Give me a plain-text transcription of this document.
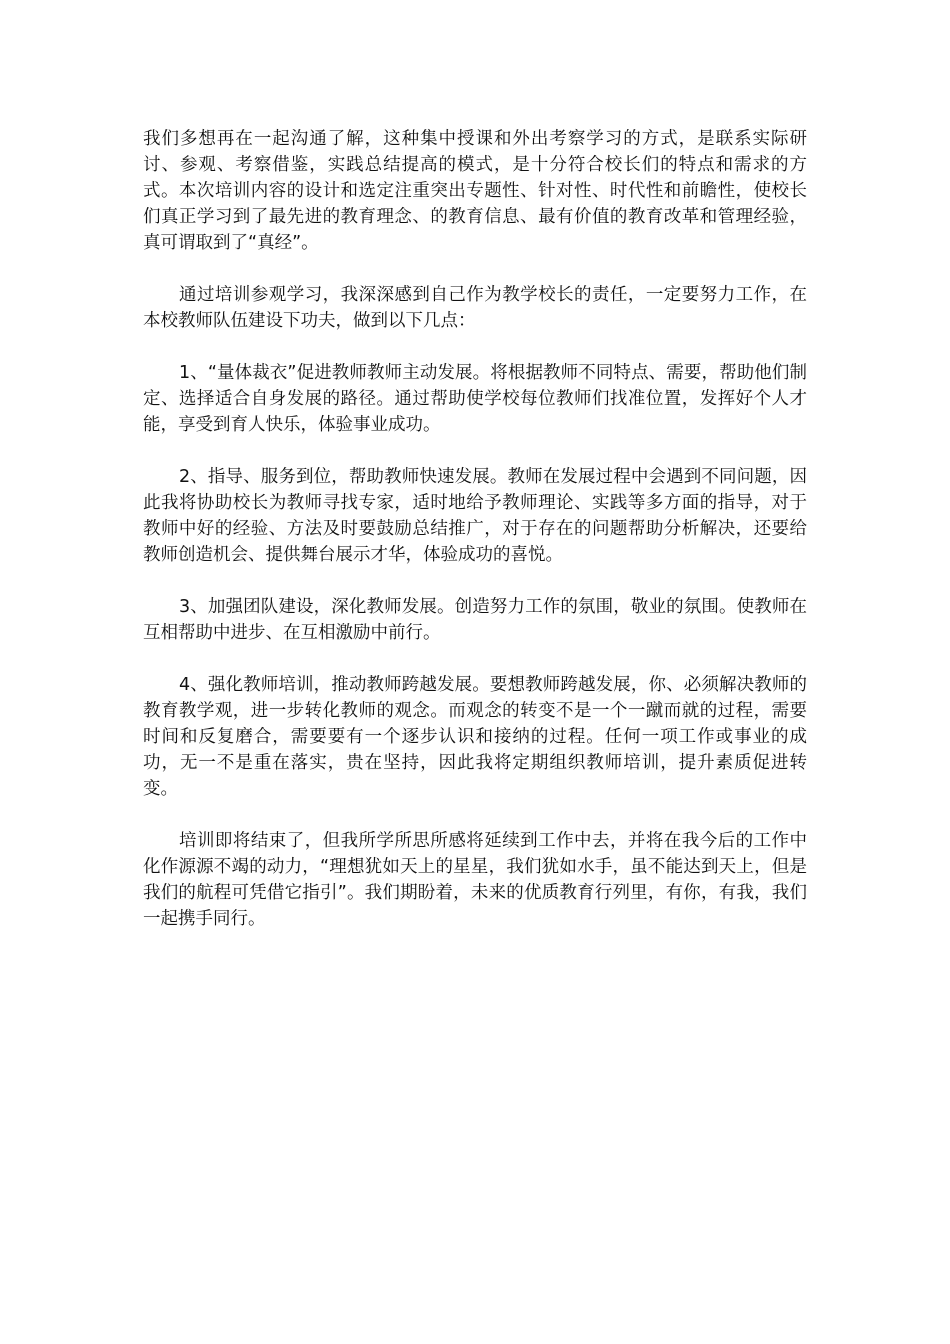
我们多想再在一起沟通了解，这种集中授课和外出考察学习的方式，是联系实际研讨、参观、考察借鉴，实践总结提高的模式，是十分符合校长们的特点和需求的方式。本次培训内容的设计和选定注重突出专题性、针对性、时代性和前瞻性，使校长们真正学习到了最先进的教育理念、的教育信息、最有价值的教育改革和管理经验，真可谓取到了“真经”。

通过培训参观学习，我深深感到自己作为教学校长的责任，一定要努力工作，在本校教师队伍建设下功夫，做到以下几点：

1、“量体裁衣”促进教师教师主动发展。将根据教师不同特点、需要，帮助他们制定、选择适合自身发展的路径。通过帮助使学校每位教师们找准位置，发挥好个人才能，享受到育人快乐，体验事业成功。

2、指导、服务到位，帮助教师快速发展。教师在发展过程中会遇到不同问题，因此我将协助校长为教师寻找专家，适时地给予教师理论、实践等多方面的指导，对于教师中好的经验、方法及时要鼓励总结推广，对于存在的问题帮助分析解决，还要给教师创造机会、提供舞台展示才华，体验成功的喜悦。

3、加强团队建设，深化教师发展。创造努力工作的氛围，敬业的氛围。使教师在互相帮助中进步、在互相激励中前行。

4、强化教师培训，推动教师跨越发展。要想教师跨越发展，你、必须解决教师的教育教学观，进一步转化教师的观念。而观念的转变不是一个一蹴而就的过程，需要时间和反复磨合，需要要有一个逐步认识和接纳的过程。任何一项工作或事业的成功，无一不是重在落实，贵在坚持，因此我将定期组织教师培训，提升素质促进转变。

培训即将结束了，但我所学所思所感将延续到工作中去，并将在我今后的工作中化作源源不竭的动力，“理想犹如天上的星星，我们犹如水手，虽不能达到天上，但是我们的航程可凭借它指引”。我们期盼着，未来的优质教育行列里，有你，有我，我们一起携手同行。
